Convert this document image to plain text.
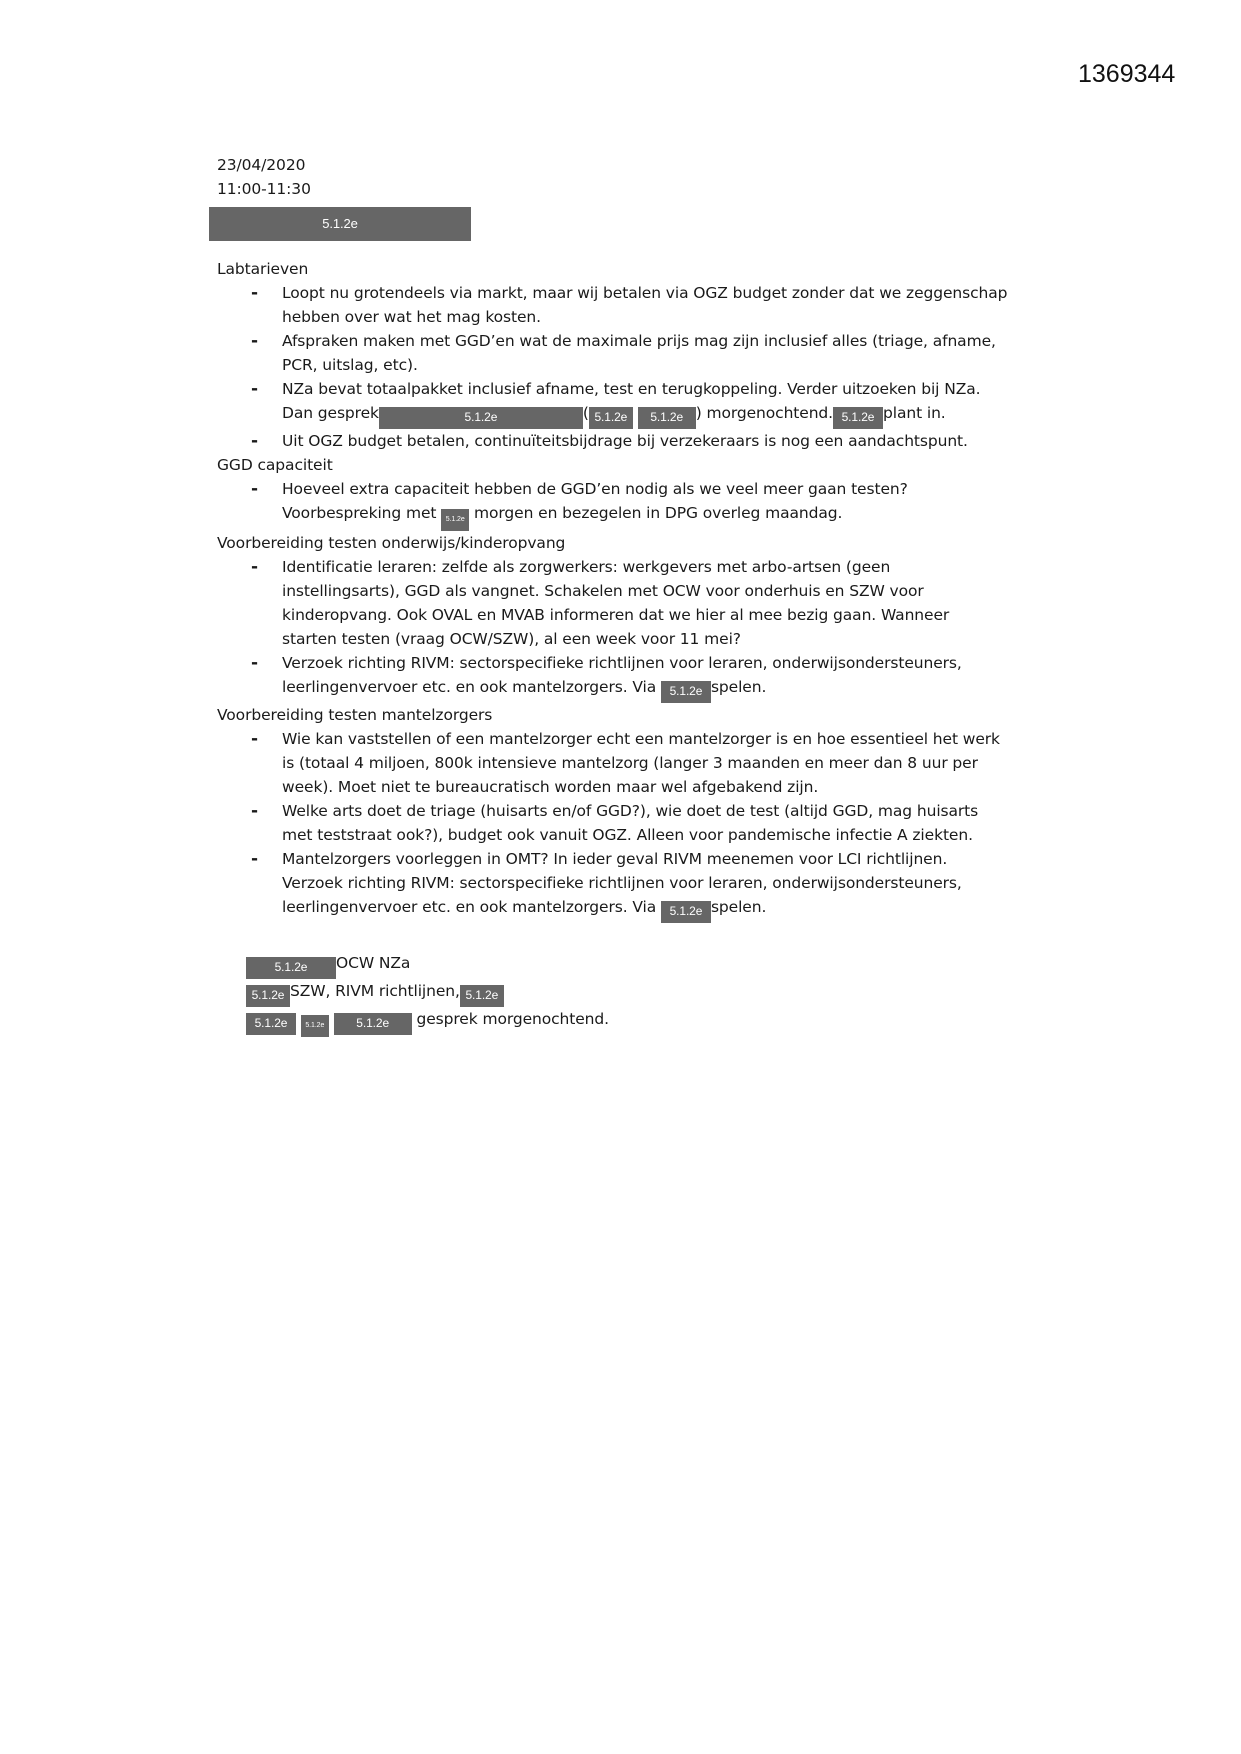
1369344
23/04/2020
11:00-11:30
5.1.2e
Labtarieven
- Loopt nu grotendeels via markt, maar wij betalen via OGZ budget zonder dat we zeggenschap
hebben over wat het mag kosten.
- Afspraken maken met GGD’en wat de maximale prijs mag zijn inclusief alles (triage, afname,
PCR, uitslag, etc).
- NZa bevat totaalpakket inclusief afname, test en terugkoppeling. Verder uitzoeken bij NZa.
Dan gesprek	5.1.2e	( 5.1.2e 5.1.2e ) morgenochtend. 5.1.2e plant in.
- Uit OGZ budget betalen, continuïteitsbijdrage bij verzekeraars is nog een aandachtspunt.
GGD capaciteit
- Hoeveel extra capaciteit hebben de GGD’en nodig als we veel meer gaan testen?
Voorbespreking met 5.1.2e morgen en bezegelen in DPG overleg maandag.
Voorbereiding testen onderwijs/kinderopvang
- Identificatie leraren: zelfde als zorgwerkers: werkgevers met arbo-artsen (geen
instellingsarts), GGD als vangnet. Schakelen met OCW voor onderhuis en SZW voor
kinderopvang. Ook OVAL en MVAB informeren dat we hier al mee bezig gaan. Wanneer
starten testen (vraag OCW/SZW), al een week voor 11 mei?
- Verzoek richting RIVM: sectorspecifieke richtlijnen voor leraren, onderwijsondersteuners,
leerlingenvervoer etc. en ook mantelzorgers. Via 5.1.2e spelen.
Voorbereiding testen mantelzorgers
- Wie kan vaststellen of een mantelzorger echt een mantelzorger is en hoe essentieel het werk
is (totaal 4 miljoen, 800k intensieve mantelzorg (langer 3 maanden en meer dan 8 uur per
week). Moet niet te bureaucratisch worden maar wel afgebakend zijn.
- Welke arts doet de triage (huisarts en/of GGD?), wie doet de test (altijd GGD, mag huisarts
met teststraat ook?), budget ook vanuit OGZ. Alleen voor pandemische infectie A ziekten.
- Mantelzorgers voorleggen in OMT? In ieder geval RIVM meenemen voor LCI richtlijnen.
Verzoek richting RIVM: sectorspecifieke richtlijnen voor leraren, onderwijsondersteuners,
leerlingenvervoer etc. en ook mantelzorgers. Via 5.1.2e spelen.
5.1.2e OCW NZa
5.1.2e SZW, RIVM richtlijnen, 5.1.2e
5.1.2e	5.1.2e	5.1.2e gesprek morgenochtend.
